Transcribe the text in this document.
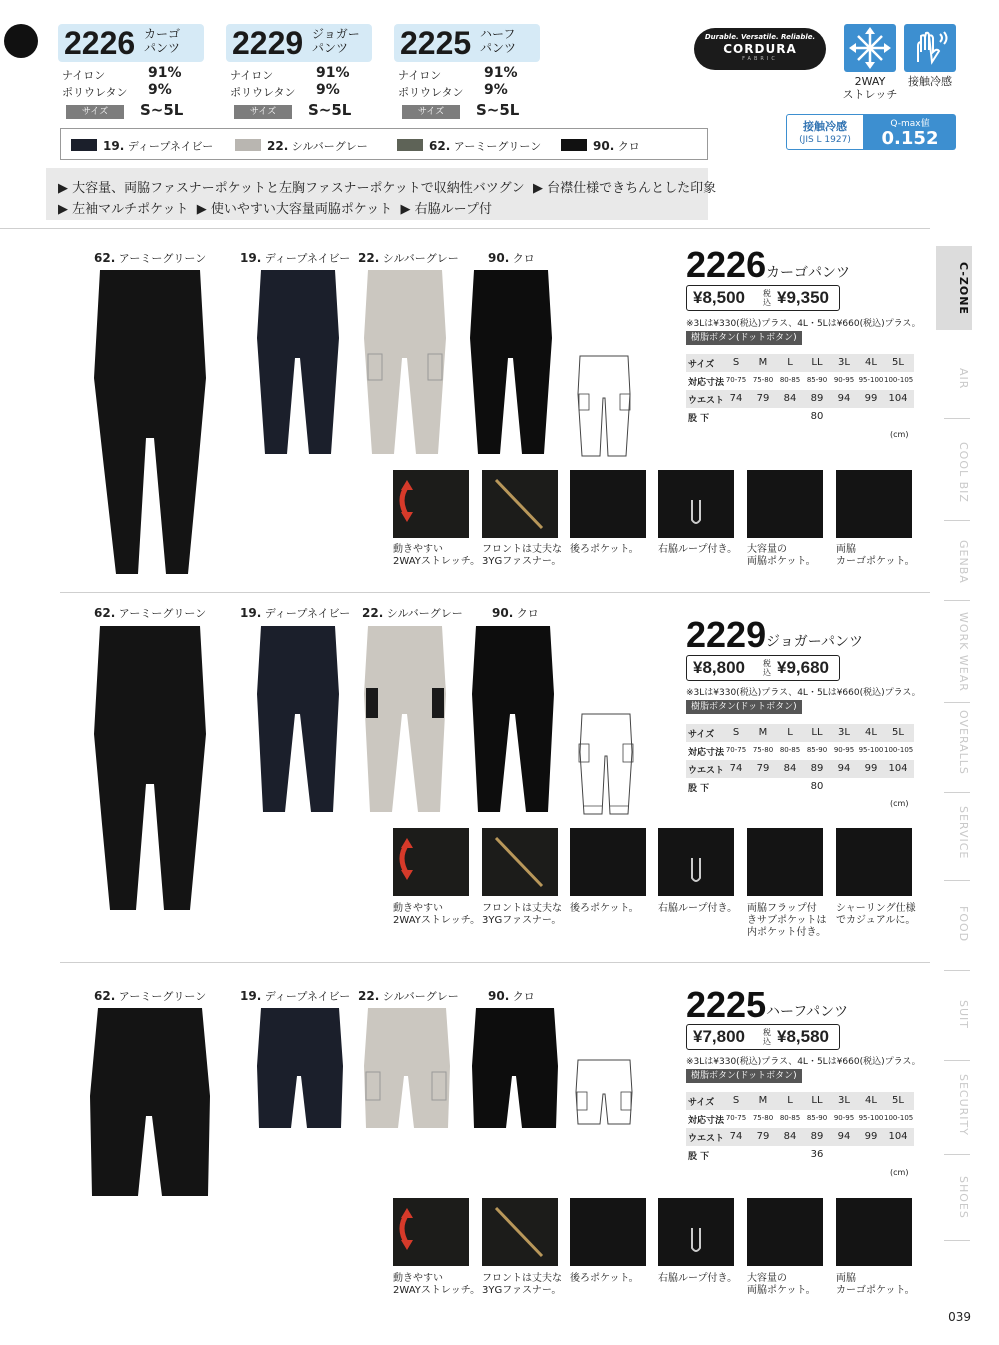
2226 カーゴ
パンツ
ナイロン	91%
ポリウレタン 9%
サイズ	S~5L
2229 ジョガー
パンツ
ナイロン	91%
ポリウレタン 9%
サイズ	S~5L
2225 ハーフ
パンツ
ナイロン	91%
ポリウレタン 9%
サイズ	S~5L
Durable. Versatile. Reliable.
CORDURA
FABRIC
2WAY
ストレッチ
接触冷感
接触冷感
(JIS L 1927)
Q-max値
0.152
19. ディープネイビー	22. シルバーグレー	62. アーミーグリーン	90. クロ
▶ 大容量、両脇ファスナーポケットと左胸ファスナーポケットで収納性バツグン ▶ 台襟仕様できちんとした印象
▶ 左袖マルチポケット ▶ 使いやすい大容量両脇ポケット ▶ 右脇ループ付
62. アーミーグリーン	19. ディープネイビー 22. シルバーグレー 90. クロ	2226 カーゴパンツ
¥8,500 税込 ¥9,350
※3Lは¥330(税込)プラス、4L・5Lは¥660(税込)プラス。
樹脂ボタン(ドットボタン)
サイズ	S	M	L	LL	3L	4L	5L
対応寸法 70-75 75-80 80-85 85-90 90-95 95-100 100-105
ウエスト 74	79	84	89	94	99	104
股 下	80
(cm)
動きやすい
2WAYストレッチ。
フロントは丈夫な
3YGファスナー。
後ろポケット。 右脇ループ付き。 大容量の
両脇ポケット。
両脇
カーゴポケット。
62. アーミーグリーン	19. ディープネイビー 22. シルバーグレー 90. クロ
2229 ジョガーパンツ
¥8,800 税込 ¥9,680
※3Lは¥330(税込)プラス、4L・5Lは¥660(税込)プラス。
樹脂ボタン(ドットボタン)
サイズ	S	M	L	LL	3L	4L	5L
対応寸法 70-75 75-80 80-85 85-90 90-95 95-100 100-105
ウエスト 74	79	84	89	94	99	104
股 下	80
(cm)
動きやすい
2WAYストレッチ。
フロントは丈夫な
3YGファスナー。
後ろポケット。 右脇ループ付き。 両脇フラップ付
きサブポケットは
内ポケット付き。
シャーリング仕様
でカジュアルに。
62. アーミーグリーン	19. ディープネイビー 22. シルバーグレー 90. クロ	2225 ハーフパンツ
¥7,800 税込 ¥8,580
※3Lは¥330(税込)プラス、4L・5Lは¥660(税込)プラス。
樹脂ボタン(ドットボタン)
サイズ	S	M	L	LL	3L	4L	5L
対応寸法 70-75 75-80 80-85 85-90 90-95 95-100 100-105
ウエスト 74	79	84	89	94	99	104
股 下	36
(cm)
動きやすい
2WAYストレッチ。
フロントは丈夫な
3YGファスナー。
後ろポケット。 右脇ループ付き。 大容量の
両脇ポケット。
両脇
カーゴポケット。
C-ZONE
AIR
COOL BIZ
GENBA
WORK WEAR
OVERALLS
SERVICE
FOOD
SUIT
SECURITY
SHOES
039
